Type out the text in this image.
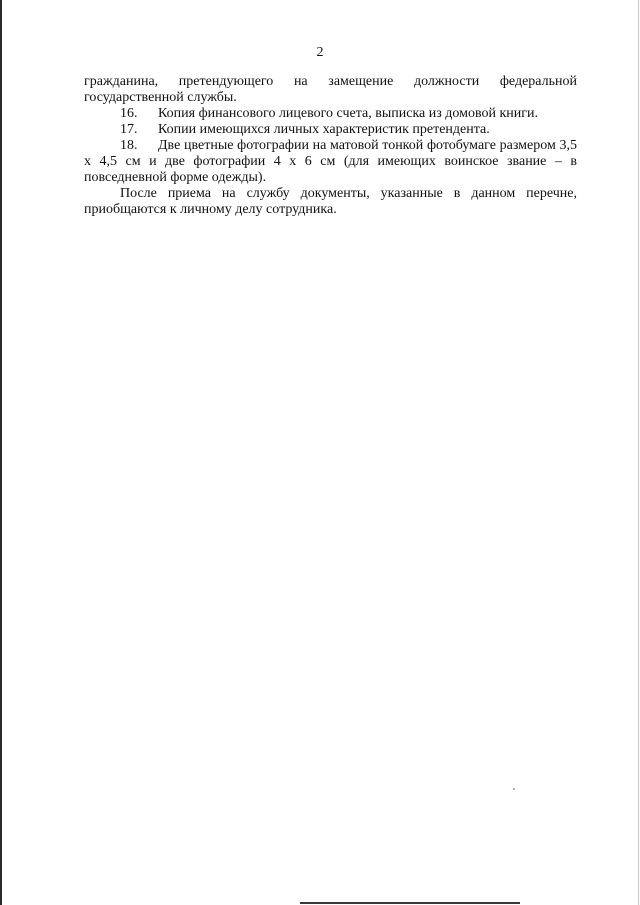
2

гражданина, претендующего на замещение должности федеральной

государственной службы.

16. Копия финансового лицевого счета, выписка из домовой книги.

17. Копии имеющихся личных характеристик претендента.

18. Две цветные фотографии на матовой тонкой фотобумаге размером 3,5 х 4,5 см и две фотографии 4 х 6 см (для имеющих воинское звание – в повседневной форме одежды).

После приема на службу документы, указанные в данном перечне, приобщаются к личному делу сотрудника.
